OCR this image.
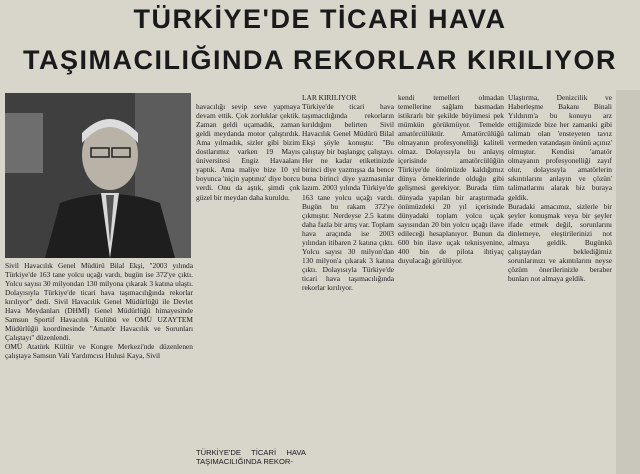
TÜRKİYE'DE TİCARİ HAVA
TAŞIMACILIĞINDA REKORLAR KIRILIYOR
Sivil Havacılık Genel Müdürü Bilal Ekşi, "2003 yılında Türkiye'de 163 tane yolcu uçağı vardı, bugün ise 372'ye çıktı. Yolcu sayısı 30 milyondan 130 milyona çıkarak 3 katına ulaştı. Dolayısıyla Türkiye'de ticari hava taşımacılığında rekorlar kırılıyor" dedi. Sivil Havacılık Genel Müdürlüğü ile Devlet Hava Meydanları (DHMİ) Genel Müdürlüğü himayesinde Samsun Sportif Havacılık Kulübü ve OMÜ UZAYTEM Müdürlüğü koordinesinde "Amatör Havacılık ve Sorunları Çalıştayı" düzenlendi.
OMÜ Atatürk Kültür ve Kongre Merkezi'nde düzenlenen çalıştaya Samsun Vali Yardımcısı Hulusi Kaya, Sivil

havacılığı sevip seve yapmaya devam ettik. Çok zorluklar çektik. Zaman geldi uçamadık, zaman geldi meydanda motor çalıştırdık. Ama yılmadık, sizler gibi bizim dostlarımız varken 19 Mayıs üniversitesi Engiz Havaalanı yaptık. Ama maliye bize 10 yıl boyunca 'niçin yaptınız' diye borcu verdi. Onu da aştık, şimdi çok güzel bir meydan daha kuruldu.

LAR KIRILIYOR
Türkiye'de ticari hava taşımacılığında rekorların kırıldığını belirten Sivil Havacılık Genel Müdürü Bilal Ekşi şöyle konuştu: "Bu çalıştay bir başlangıç çalıştayı. Her ne kadar etiketinizde birinci diye yazmışsa da bence buna birinci diye yazmasınlar lazım. 2003 yılında Türkiye'de 163 tane yolcu uçağı vardı. Bugün bu rakam 372'ye çıkmıştır. Nerdeyse 2.5 katını daha fazla bir artış var. Toplam hava araçında ise 2003 yılından itibaren 2 katına çıktı. Yolcu sayısı 30 milyon'dan 130 milyon'a çıkarak 3 katına çıktı. Dolayısıyla Türkiye'de ticari hava taşımacılığında rekorlar kırılıyor.
kendi temelleri olmadan temellerine sağlam basmadan istikrarlı bir şekilde büyümesi pek mümkün görükmüyor. Temelde amatörcülüktür. Amatörcülüğü olmayanın profesyonelliği kaliteli olmaz. Dolayısıyla bu anlayış içerisinde amatörcülüğün Türkiye'de önümüzde kaldığımız dünya örneklerinde olduğu gibi gelişmesi gerekiyor. Burada tüm dünyada yapılan bir araştırmada önümüzdeki 20 yıl içerisinde dünyadaki toplam yolcu uçak sayısından 20 bin yolcu uçağı ilave edileceği hesaplanıyor. Bunun da 600 bin ilave uçak teknisyenine, 400 bin de pilota ihtiyaç duyulacağı görülüyor.
Ulaştırma, Denizcilik ve Haberleşme Bakanı Binali Yıldırım'a bu konuyu arz ettiğimizde bize her zamanki gibi talimatı olan 'ensteyeten tavız vermeden vatandaşın önünü açınız' olmuştur. Kendisi 'amatör olmayanın profesyonelliği zayıf olur, dolayısıyla amatörlerin sıkıntılarını anlayın ve çözün' talimatlarını alarak biz buraya geldik.
Buradaki amacımız, sizlerle bir şeyler konuşmak veya bir şeyler ifade etmek değil, sorunlarını dinlemeye, eleştirilerinizi not almaya geldik. Bugünkü çalıştaydan beklediğimiz sorunlarınızı ve akıntılarını neyse çözüm önerilerinizle beraber bunları not almaya geldik.
TÜRKİYE'DE TİCARİ HAVA TAŞIMACILIĞINDA REKOR-
